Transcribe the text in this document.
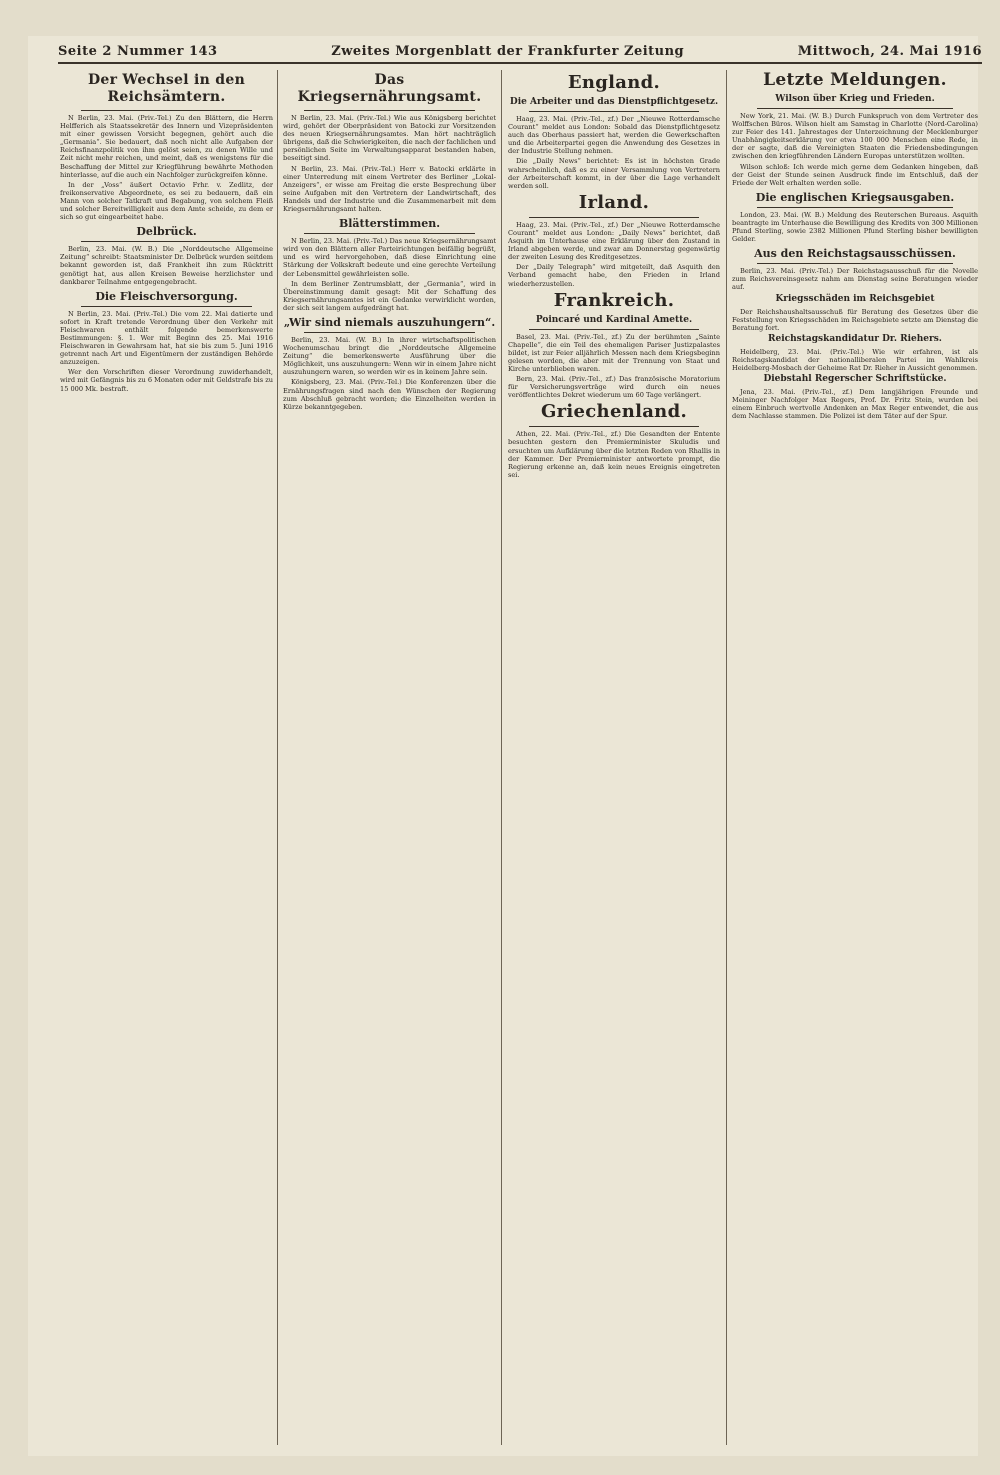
Seite 2 Nummer 143	Zweites Morgenblatt der Frankfurter Zeitung	Mittwoch, 24. Mai 1916
Der Wechsel in den Reichsämtern.

N Berlin, 23. Mai. (Priv.-Tel.) Zu den Blättern, die Herrn Helfferich als Staatssekretär des Innern und Vizepräsidenten mit einer gewissen Vorsicht begegnen, gehört auch die „Germania“. Sie bedauert, daß noch nicht alle Aufgaben der Reichsfinanzpolitik von ihm gelöst seien, zu denen Wille und Zeit nicht mehr reichen, und meint, daß es wenigstens für die Beschaffung der Mittel zur Kriegführung bewährte Methoden hinterlasse, auf die auch ein Nachfolger zurückgreifen könne.

In der „Voss“ äußert Octavio Frhr. v. Zedlitz, der freikonservative Abgeordnete, es sei zu bedauern, daß ein Mann von solcher Tatkraft und Begabung, von solchem Fleiß und solcher Bereitwilligkeit aus dem Amte scheide, zu dem er sich so gut eingearbeitet habe.

Delbrück.

Berlin, 23. Mai. (W. B.) Die „Norddeutsche Allgemeine Zeitung“ schreibt: Staatsminister Dr. Delbrück wurden seitdem bekannt geworden ist, daß Frankheit ihn zum Rücktritt genötigt hat, aus allen Kreisen Beweise herzlichster und dankbarer Teilnahme entgegengebracht.

Die Fleischversorgung.

N Berlin, 23. Mai. (Priv.-Tel.) Die vom 22. Mai datierte und sofort in Kraft tretende Verordnung über den Verkehr mit Fleischwaren enthält folgende bemerkenswerte Bestimmungen: §. 1. Wer mit Beginn des 25. Mai 1916 Fleischwaren in Gewahrsam hat, hat sie bis zum 5. Juni 1916 getrennt nach Art und Eigentümern der zuständigen Behörde anzuzeigen.

Wer den Vorschriften dieser Verordnung zuwiderhandelt, wird mit Gefängnis bis zu 6 Monaten oder mit Geldstrafe bis zu 15 000 Mk. bestraft.

Das Kriegsernährungsamt.

N Berlin, 23. Mai. (Priv.-Tel.) Wie aus Königsberg berichtet wird, gehört der Oberpräsident von Batocki zur Vorsitzenden des neuen Kriegsernährungsamtes. Man hört nachträglich übrigens, daß die Schwierigkeiten, die nach der fachlichen und persönlichen Seite im Verwaltungsapparat bestanden haben, beseitigt sind.

N Berlin, 23. Mai. (Priv.-Tel.) Herr v. Batocki erklärte in einer Unterredung mit einem Vertreter des Berliner „Lokal-Anzeigers“, er wisse am Freitag die erste Besprechung über seine Aufgaben mit den Vertretern der Landwirtschaft, des Handels und der Industrie und die Zusammenarbeit mit dem Kriegsernährungsamt halten.

Blätterstimmen.

N Berlin, 23. Mai. (Priv.-Tel.) Das neue Kriegsernährungsamt wird von den Blättern aller Parteirichtungen beifällig begrüßt, und es wird hervorgehoben, daß diese Einrichtung eine Stärkung der Volkskraft bedeute und eine gerechte Verteilung der Lebensmittel gewährleisten solle.

In dem Berliner Zentrumsblatt, der „Germania“, wird in Übereinstimmung damit gesagt: Mit der Schaffung des Kriegsernährungsamtes ist ein Gedanke verwirklicht worden, der sich seit langem aufgedrängt hat.

„Wir sind niemals auszuhungern“.

Berlin, 23. Mai. (W. B.) In ihrer wirtschaftspolitischen Wochenumschau bringt die „Norddeutsche Allgemeine Zeitung“ die bemerkenswerte Ausführung über die Möglichkeit, uns auszuhungern: Wenn wir in einem Jahre nicht auszuhungern waren, so werden wir es in keinem Jahre sein.

Königsberg, 23. Mai. (Priv.-Tel.) Die Konferenzen über die Ernährungsfragen sind nach den Wünschen der Regierung zum Abschluß gebracht worden; die Einzelheiten werden in Kürze bekanntgegeben.

England.
Die Arbeiter und das Dienstpflichtgesetz.

Haag, 23. Mai. (Priv.-Tel., zf.) Der „Nieuwe Rotterdamsche Courant“ meldet aus London: Sobald das Dienstpflichtgesetz auch das Oberhaus passiert hat, werden die Gewerkschaften und die Arbeiterpartei gegen die Anwendung des Gesetzes in der Industrie Stellung nehmen.

Die „Daily News“ berichtet: Es ist in höchsten Grade wahrscheinlich, daß es zu einer Versammlung von Vertretern der Arbeiterschaft kommt, in der über die Lage verhandelt werden soll.

Irland.

Haag, 23. Mai. (Priv.-Tel., zf.) Der „Nieuwe Rotterdamsche Courant“ meldet aus London: „Daily News“ berichtet, daß Asquith im Unterhause eine Erklärung über den Zustand in Irland abgeben werde, und zwar am Donnerstag gegenwärtig der zweiten Lesung des Kreditgesetzes.

Der „Daily Telegraph“ wird mitgeteilt, daß Asquith den Verband gemacht habe, den Frieden in Irland wiederherzustellen.

Frankreich.
Poincaré und Kardinal Amette.

Basel, 23. Mai. (Priv.-Tel., zf.) Zu der berühmten „Sainte Chapelle“, die ein Teil des ehemaligen Pariser Justizpalastes bildet, ist zur Feier alljährlich Messen nach dem Kriegsbeginn gelesen worden, die aber mit der Trennung von Staat und Kirche unterblieben waren.

Bern, 23. Mai. (Priv.-Tel., zf.) Das französische Moratorium für Versicherungsverträge wird durch ein neues veröffentlichtes Dekret wiederum um 60 Tage verlängert.

Griechenland.

Athen, 22. Mai. (Priv.-Tel., zf.) Die Gesandten der Entente besuchten gestern den Premierminister Skuludis und ersuchten um Aufklärung über die letzten Reden von Rhallis in der Kammer. Der Premierminister antwortete prompt, die Regierung erkenne an, daß kein neues Ereignis eingetreten sei.

Letzte Meldungen.
Wilson über Krieg und Frieden.

New York, 21. Mai. (W. B.) Durch Funkspruch von dem Vertreter des Wolffschen Büros. Wilson hielt am Samstag in Charlotte (Nord-Carolina) zur Feier des 141. Jahrestages der Unterzeichnung der Mecklenburger Unabhängigkeitserklärung vor etwa 100 000 Menschen eine Rede, in der er sagte, daß die Vereinigten Staaten die Friedensbedingungen zwischen den kriegführenden Ländern Europas unterstützen wollten.

Wilson schloß: Ich werde mich gerne dem Gedanken hingeben, daß der Geist der Stunde seinen Ausdruck finde im Entschluß, daß der Friede der Welt erhalten werden solle.

Die englischen Kriegsausgaben.

London, 23. Mai. (W. B.) Meldung des Reuterschen Bureaus. Asquith beantragte im Unterhause die Bewilligung des Kredits von 300 Millionen Pfund Sterling, sowie 2382 Millionen Pfund Sterling bisher bewilligten Gelder.

Aus den Reichstagsausschüssen.

Berlin, 23. Mai. (Priv.-Tel.) Der Reichstagsausschuß für die Novelle zum Reichsvereinsgesetz nahm am Dienstag seine Beratungen wieder auf.

Kriegsschäden im Reichsgebiet

Der Reichshaushaltsausschuß für Beratung des Gesetzes über die Feststellung von Kriegsschäden im Reichsgebiete setzte am Dienstag die Beratung fort.

Reichstagskandidatur Dr. Riehers.

Heidelberg, 23. Mai. (Priv.-Tel.) Wie wir erfahren, ist als Reichstagskandidat der nationalliberalen Partei im Wahlkreis Heidelberg-Mosbach der Geheime Rat Dr. Rieher in Aussicht genommen.

Diebstahl Regerscher Schriftstücke.

Jena, 23. Mai. (Priv.-Tel., zf.) Dem langjährigen Freunde und Meininger Nachfolger Max Regers, Prof. Dr. Fritz Stein, wurden bei einem Einbruch wertvolle Andenken an Max Reger entwendet, die aus dem Nachlasse stammen. Die Polizei ist dem Täter auf der Spur.
